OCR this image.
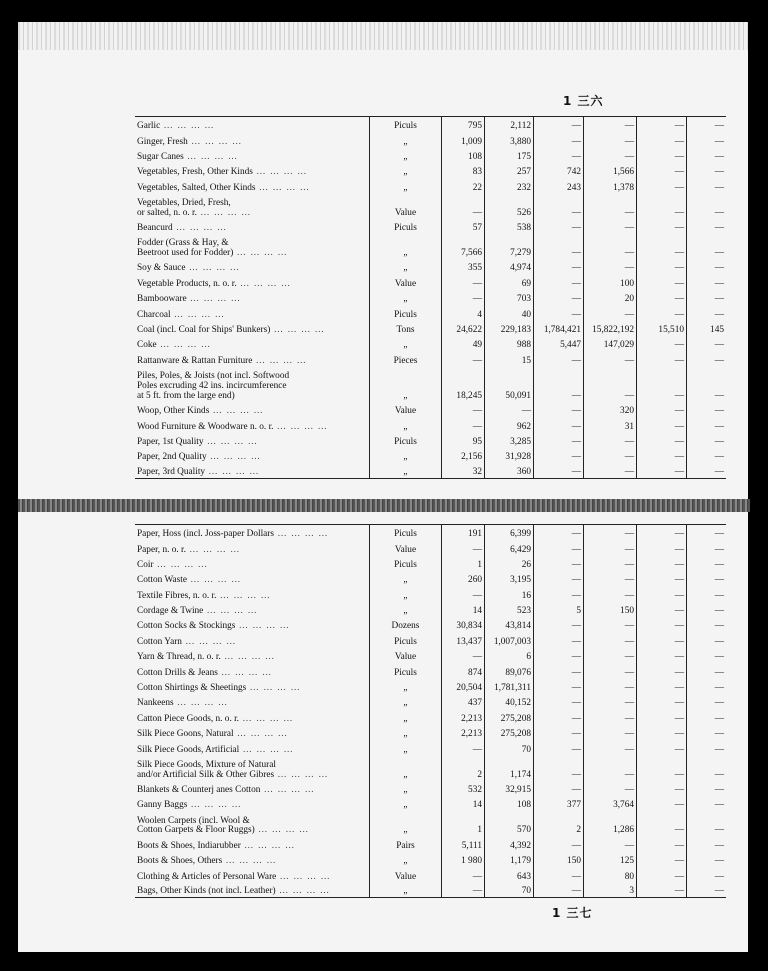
1 三六
Garlic … … … …	Piculs	795	2,112	—	—	—	—
Ginger, Fresh … … … …	„	1,009	3,880	—	—	—	—
Sugar Canes … … … …	„	108	175	—	—	—	—
Vegetables, Fresh, Other Kinds … … … …	„	83	257	742	1,566	—	—
Vegetables, Salted, Other Kinds … … … …	„	22	232	243	1,378	—	—
Vegetables, Dried, Fresh,
or salted, n. o. r. … … … …	Value	—	526	—	—	—	—
Beancurd … … … …	Piculs	57	538	—	—	—	—
Fodder (Grass & Hay, &
Beetroot used for Fodder) … … … …	„	7,566	7,279	—	—	—	—
Soy & Sauce … … … …	„	355	4,974	—	—	—	—
Vegetable Products, n. o. r. … … … …	Value	—	69	—	100	—	—
Bambooware … … … …	„	—	703	—	20	—	—
Charcoal … … … …	Piculs	4	40	—	—	—	—
Coal (incl. Coal for Ships' Bunkers) … … … …	Tons	24,622	229,183	1,784,421	15,822,192	15,510	145
Coke … … … …	„	49	988	5,447	147,029	—	—
Rattanware & Rattan Furniture … … … …	Pieces	—	15	—	—	—	—
Piles, Poles, & Joists (not incl. Softwood
Poles excruding 42 ins. incircumference
at 5 ft. from the large end)	„	18,245	50,091	—	—	—	—
Woop, Other Kinds … … … …	Value	—	—	—	320	—	—
Wood Furniture & Woodware n. o. r. … … … …	„	—	962	—	31	—	—
Paper, 1st Quality … … … …	Piculs	95	3,285	—	—	—	—
Paper, 2nd Quality … … … …	„	2,156	31,928	—	—	—	—
Paper, 3rd Quality … … … …	„	32	360	—	—	—	—
Paper, Hoss (incl. Joss-paper Dollars … … … …	Piculs	191	6,399	—	—	—	—
Paper, n. o. r. … … … …	Value	—	6,429	—	—	—	—
Coir … … … …	Piculs	1	26	—	—	—	—
Cotton Waste … … … …	„	260	3,195	—	—	—	—
Textile Fibres, n. o. r. … … … …	„	—	16	—	—	—	—
Cordage & Twine … … … …	„	14	523	5	150	—	—
Cotton Socks & Stockings … … … …	Dozens	30,834	43,814	—	—	—	—
Cotton Yarn … … … …	Piculs	13,437	1,007,003	—	—	—	—
Yarn & Thread, n. o. r. … … … …	Value	—	6	—	—	—	—
Cotton Drills & Jeans … … … …	Piculs	874	89,076	—	—	—	—
Cotton Shirtings & Sheetings … … … …	„	20,504	1,781,311	—	—	—	—
Nankeens … … … …	„	437	40,152	—	—	—	—
Catton Piece Goods, n. o. r. … … … …	„	2,213	275,208	—	—	—	—
Silk Piece Goons, Natural … … … …	„	2,213	275,208	—	—	—	—
Silk Piece Goods, Artificial … … … …	„	—	70	—	—	—	—
Silk Piece Goods, Mixture of Natural
and/or Artificial Silk & Other Gibres … … … …	„	2	1,174	—	—	—	—
Blankets & Counterj anes Cotton … … … …	„	532	32,915	—	—	—	—
Ganny Baggs … … … …	„	14	108	377	3,764	—	—
Woolen Carpets (incl. Wool &
Cotton Garpets & Floor Ruggs) … … … …	„	1	570	2	1,286	—	—
Boots & Shoes, Indiarubber … … … …	Pairs	5,111	4,392	—	—	—	—
Boots & Shoes, Others … … … …	„	1 980	1,179	150	125	—	—
Clothing & Articles of Personal Ware … … … …	Value	—	643	—	80	—	—
Bags, Other Kinds (not incl. Leather) … … … …	„	—	70	—	3	—	—
1 三七
